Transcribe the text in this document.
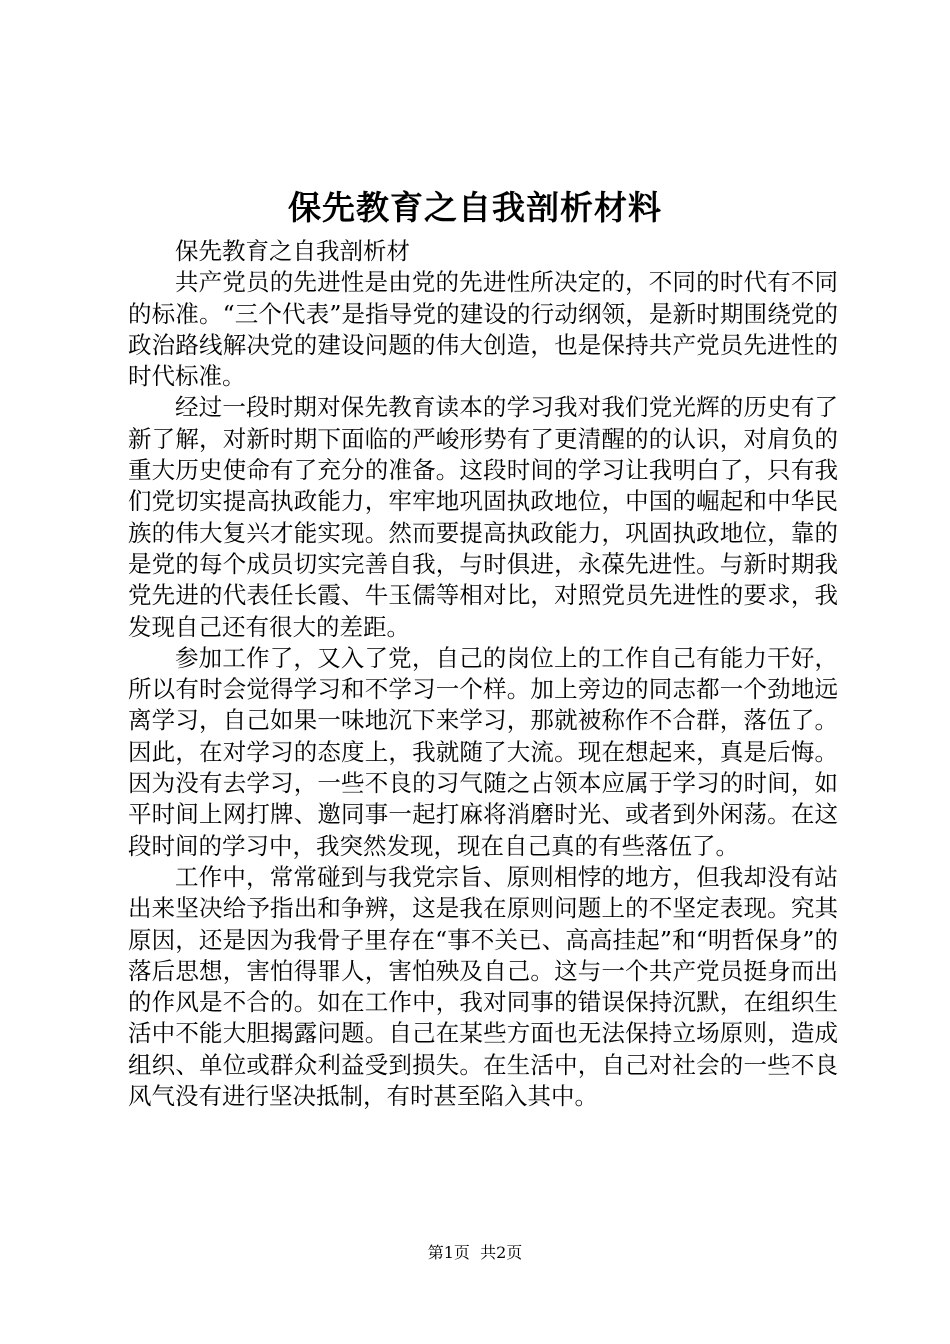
保先教育之自我剖析材料

保先教育之自我剖析材

共产党员的先进性是由党的先进性所决定的，不同的时代有不同的标准。“三个代表”是指导党的建设的行动纲领，是新时期围绕党的政治路线解决党的建设问题的伟大创造，也是保持共产党员先进性的时代标准。

经过一段时期对保先教育读本的学习我对我们党光辉的历史有了新了解，对新时期下面临的严峻形势有了更清醒的的认识，对肩负的重大历史使命有了充分的准备。这段时间的学习让我明白了，只有我们党切实提高执政能力，牢牢地巩固执政地位，中国的崛起和中华民族的伟大复兴才能实现。然而要提高执政能力，巩固执政地位，靠的是党的每个成员切实完善自我，与时俱进，永葆先进性。与新时期我党先进的代表任长霞、牛玉儒等相对比，对照党员先进性的要求，我发现自己还有很大的差距。

参加工作了，又入了党，自己的岗位上的工作自己有能力干好，所以有时会觉得学习和不学习一个样。加上旁边的同志都一个劲地远离学习，自己如果一味地沉下来学习，那就被称作不合群，落伍了。因此，在对学习的态度上，我就随了大流。现在想起来，真是后悔。因为没有去学习，一些不良的习气随之占领本应属于学习的时间，如平时间上网打牌、邀同事一起打麻将消磨时光、或者到外闲荡。在这段时间的学习中，我突然发现，现在自己真的有些落伍了。

工作中，常常碰到与我党宗旨、原则相悖的地方，但我却没有站出来坚决给予指出和争辨，这是我在原则问题上的不坚定表现。究其原因，还是因为我骨子里存在“事不关已、高高挂起”和“明哲保身”的落后思想，害怕得罪人，害怕殃及自己。这与一个共产党员挺身而出的作风是不合的。如在工作中，我对同事的错误保持沉默，在组织生活中不能大胆揭露问题。自己在某些方面也无法保持立场原则，造成组织、单位或群众利益受到损失。在生活中，自己对社会的一些不良风气没有进行坚决抵制，有时甚至陷入其中。

第1页 共2页
